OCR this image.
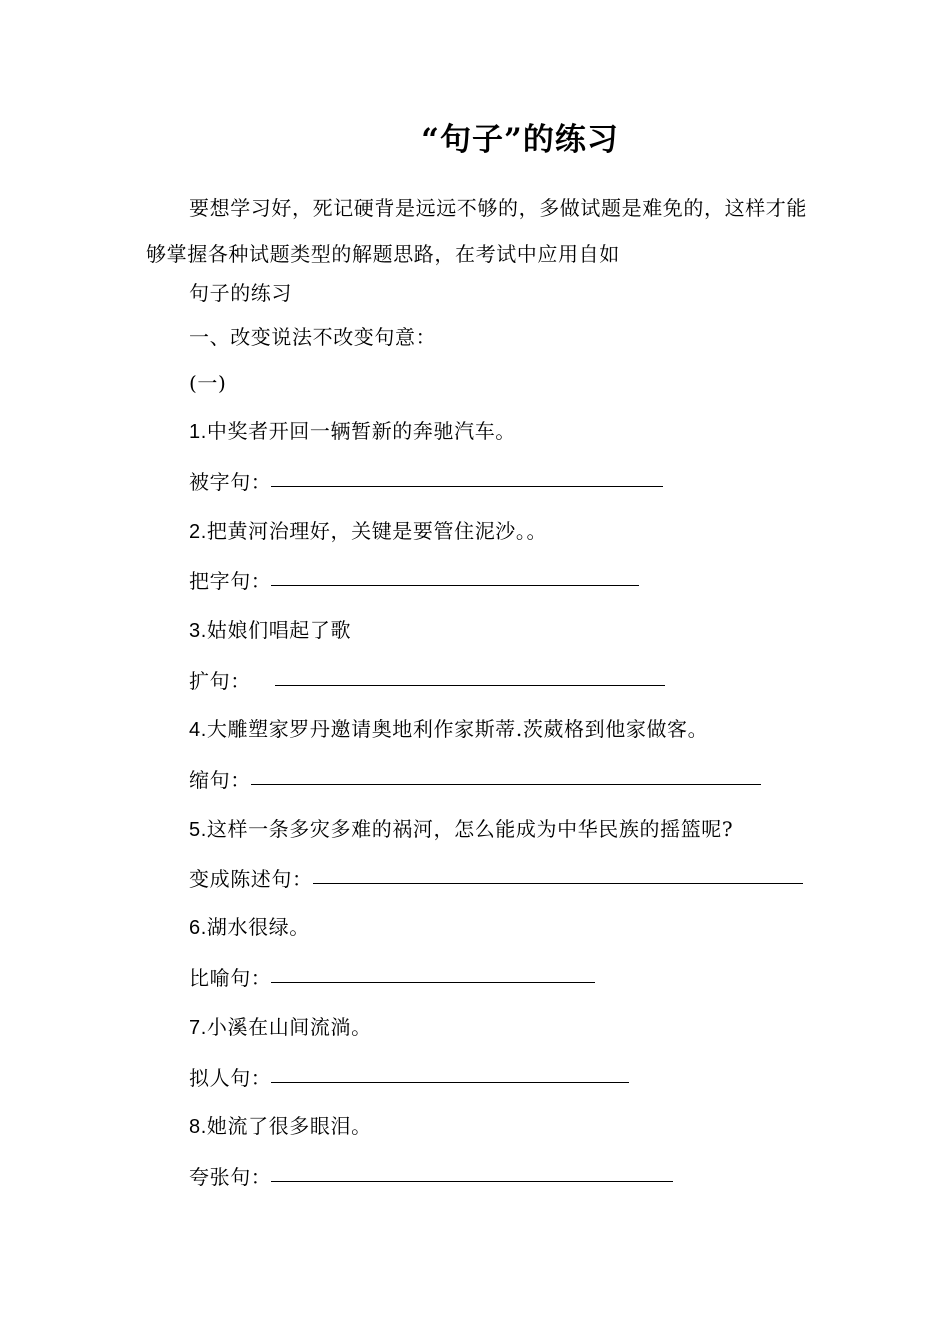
“句子”的练习
要想学习好，死记硬背是远远不够的，多做试题是难免的，这样才能够掌握各种试题类型的解题思路，在考试中应用自如
句子的练习
一、改变说法不改变句意：
(一)
1.中奖者开回一辆暂新的奔驰汽车。
被字句：
2.把黄河治理好，关键是要管住泥沙。。
把字句：
3.姑娘们唱起了歌
扩句：
4.大雕塑家罗丹邀请奥地利作家斯蒂.茨葳格到他家做客。
缩句：
5.这样一条多灾多难的祸河，怎么能成为中华民族的摇篮呢?
变成陈述句：
6.湖水很绿。
比喻句：
7.小溪在山间流淌。
拟人句：
8.她流了很多眼泪。
夸张句：
